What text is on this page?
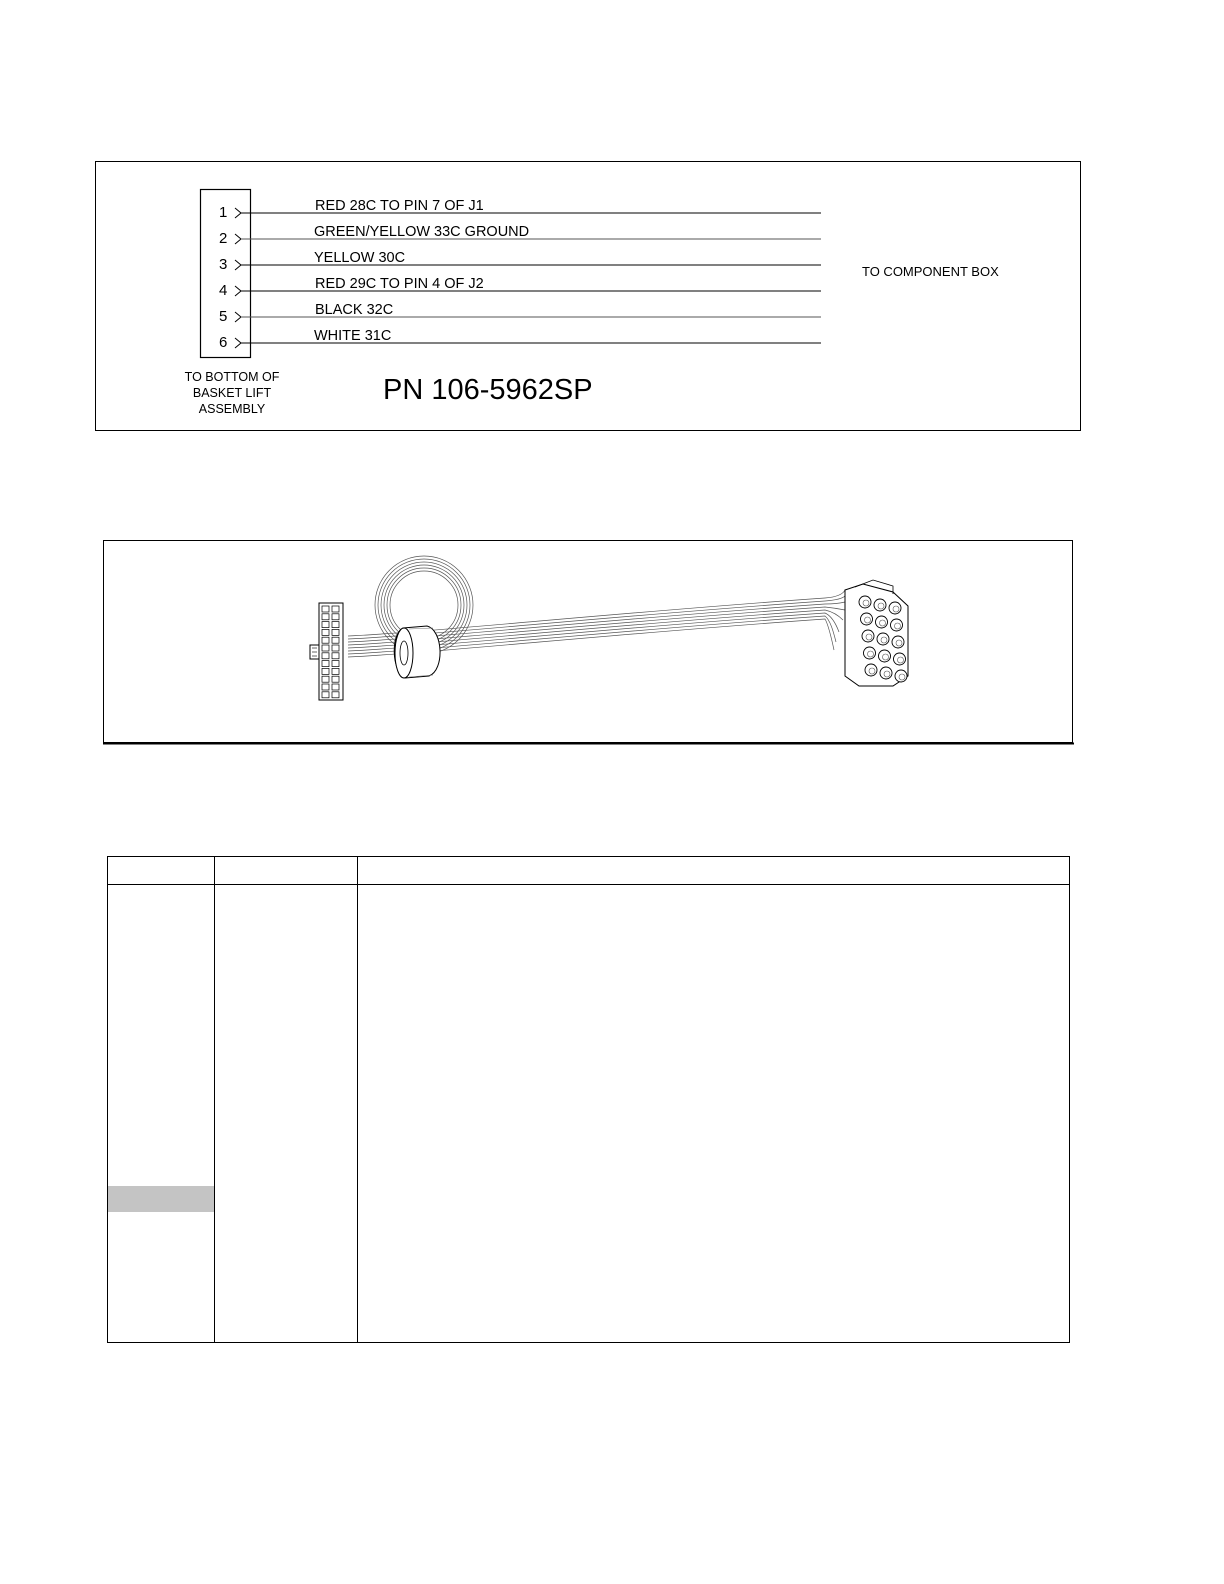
1
2
3
4
5
6
RED 28C TO PIN 7 OF J1
GREEN/YELLOW 33C GROUND
YELLOW 30C
RED 29C TO PIN 4 OF J2
BLACK 32C
WHITE 31C
TO COMPONENT BOX
TO BOTTOM OF
BASKET LIFT
ASSEMBLY
PN 106-5962SP
